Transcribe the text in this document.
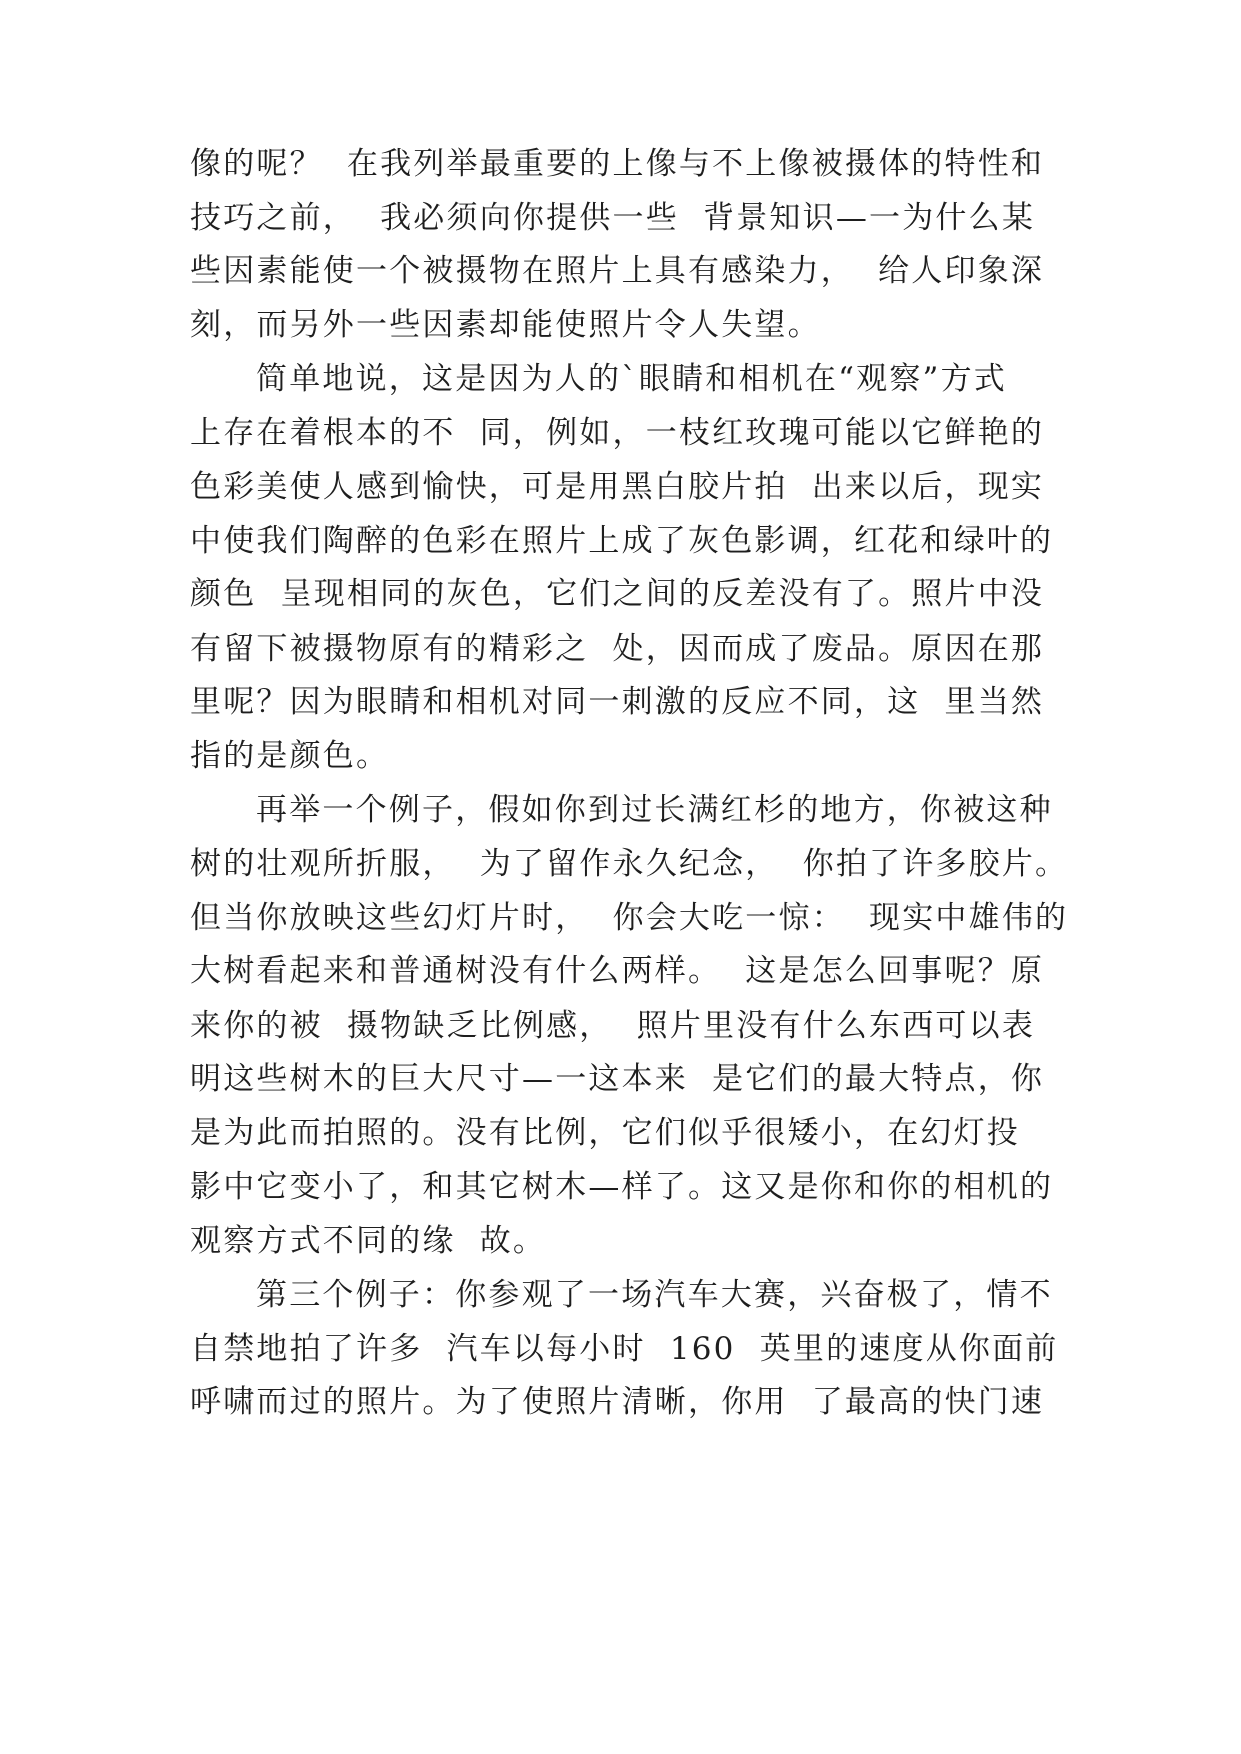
像的呢？  在我列举最重要的上像与不上像被摄体的特性和
技巧之前，  我必须向你提供一些  背景知识—一为什么某
些因素能使一个被摄物在照片上具有感染力，  给人印象深
刻，而另外一些因素却能使照片令人失望。
简单地说，这是因为人的`眼睛和相机在“观察”方式
上存在着根本的不  同，例如，一枝红玫瑰可能以它鲜艳的
色彩美使人感到愉快，可是用黑白胶片拍  出来以后，现实
中使我们陶醉的色彩在照片上成了灰色影调，红花和绿叶的
颜色  呈现相同的灰色，它们之间的反差没有了。照片中没
有留下被摄物原有的精彩之  处，因而成了废品。原因在那
里呢？因为眼睛和相机对同一刺激的反应不同，这  里当然
指的是颜色。
再举一个例子，假如你到过长满红杉的地方，你被这种
树的壮观所折服，  为了留作永久纪念，  你拍了许多胶片。
但当你放映这些幻灯片时，  你会大吃一惊：  现实中雄伟的
大树看起来和普通树没有什么两样。  这是怎么回事呢？原
来你的被  摄物缺乏比例感，  照片里没有什么东西可以表
明这些树木的巨大尺寸—一这本来  是它们的最大特点，你
是为此而拍照的。没有比例，它们似乎很矮小，在幻灯投
影中它变小了，和其它树木—样了。这又是你和你的相机的
观察方式不同的缘  故。
第三个例子：你参观了一场汽车大赛，兴奋极了，情不
自禁地拍了许多  汽车以每小时  160  英里的速度从你面前
呼啸而过的照片。为了使照片清晰，你用  了最高的快门速
